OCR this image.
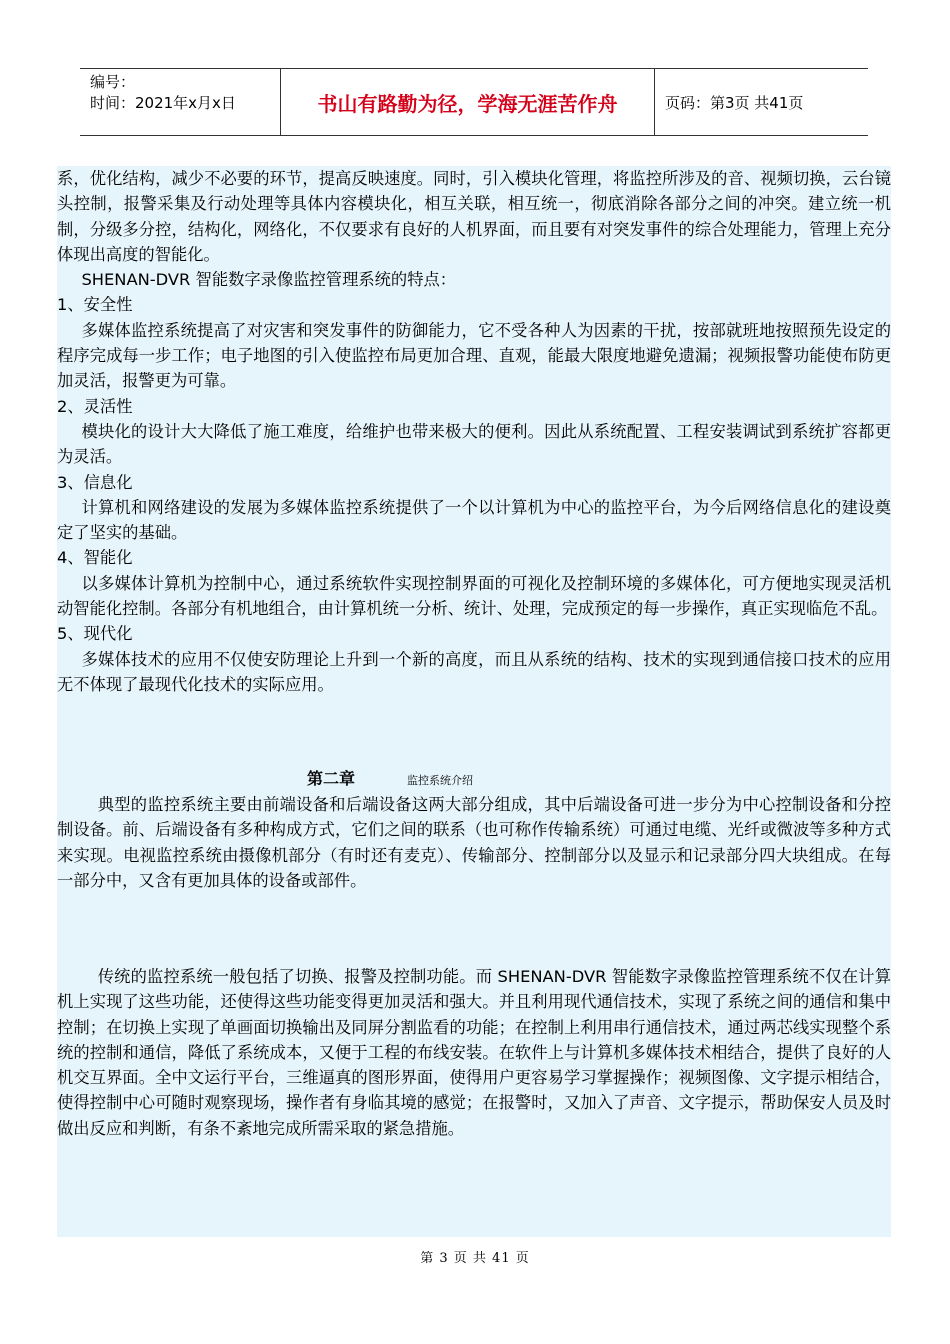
编号：
时间：2021年x月x日	书山有路勤为径，学海无涯苦作舟	页码：第3页 共41页

系，优化结构，减少不必要的环节，提高反映速度。同时，引入模块化管理，将监控所涉及的音、视频切换，云台镜头控制，报警采集及行动处理等具体内容模块化，相互关联，相互统一，彻底消除各部分之间的冲突。建立统一机制，分级多分控，结构化，网络化，不仅要求有良好的人机界面，而且要有对突发事件的综合处理能力，管理上充分体现出高度的智能化。

SHENAN-DVR 智能数字录像监控管理系统的特点：

1、安全性

多媒体监控系统提高了对灾害和突发事件的防御能力，它不受各种人为因素的干扰，按部就班地按照预先设定的程序完成每一步工作；电子地图的引入使监控布局更加合理、直观，能最大限度地避免遗漏；视频报警功能使布防更加灵活，报警更为可靠。

2、灵活性

模块化的设计大大降低了施工难度，给维护也带来极大的便利。因此从系统配置、工程安装调试到系统扩容都更为灵活。

3、信息化

计算机和网络建设的发展为多媒体监控系统提供了一个以计算机为中心的监控平台，为今后网络信息化的建设奠定了坚实的基础。

4、智能化

以多媒体计算机为控制中心，通过系统软件实现控制界面的可视化及控制环境的多媒体化，可方便地实现灵活机动智能化控制。各部分有机地组合，由计算机统一分析、统计、处理，完成预定的每一步操作，真正实现临危不乱。

5、现代化

多媒体技术的应用不仅使安防理论上升到一个新的高度，而且从系统的结构、技术的实现到通信接口技术的应用无不体现了最现代化技术的实际应用。

第二章	监控系统介绍

典型的监控系统主要由前端设备和后端设备这两大部分组成，其中后端设备可进一步分为中心控制设备和分控制设备。前、后端设备有多种构成方式，它们之间的联系（也可称作传输系统）可通过电缆、光纤或微波等多种方式来实现。电视监控系统由摄像机部分（有时还有麦克）、传输部分、控制部分以及显示和记录部分四大块组成。在每一部分中，又含有更加具体的设备或部件。

传统的监控系统一般包括了切换、报警及控制功能。而 SHENAN-DVR 智能数字录像监控管理系统不仅在计算机上实现了这些功能，还使得这些功能变得更加灵活和强大。并且利用现代通信技术，实现了系统之间的通信和集中控制；在切换上实现了单画面切换输出及同屏分割监看的功能；在控制上利用串行通信技术，通过两芯线实现整个系统的控制和通信，降低了系统成本，又便于工程的布线安装。在软件上与计算机多媒体技术相结合，提供了良好的人机交互界面。全中文运行平台，三维逼真的图形界面，使得用户更容易学习掌握操作；视频图像、文字提示相结合，使得控制中心可随时观察现场，操作者有身临其境的感觉；在报警时，又加入了声音、文字提示，帮助保安人员及时做出反应和判断，有条不紊地完成所需采取的紧急措施。

第 3 页 共 41 页
